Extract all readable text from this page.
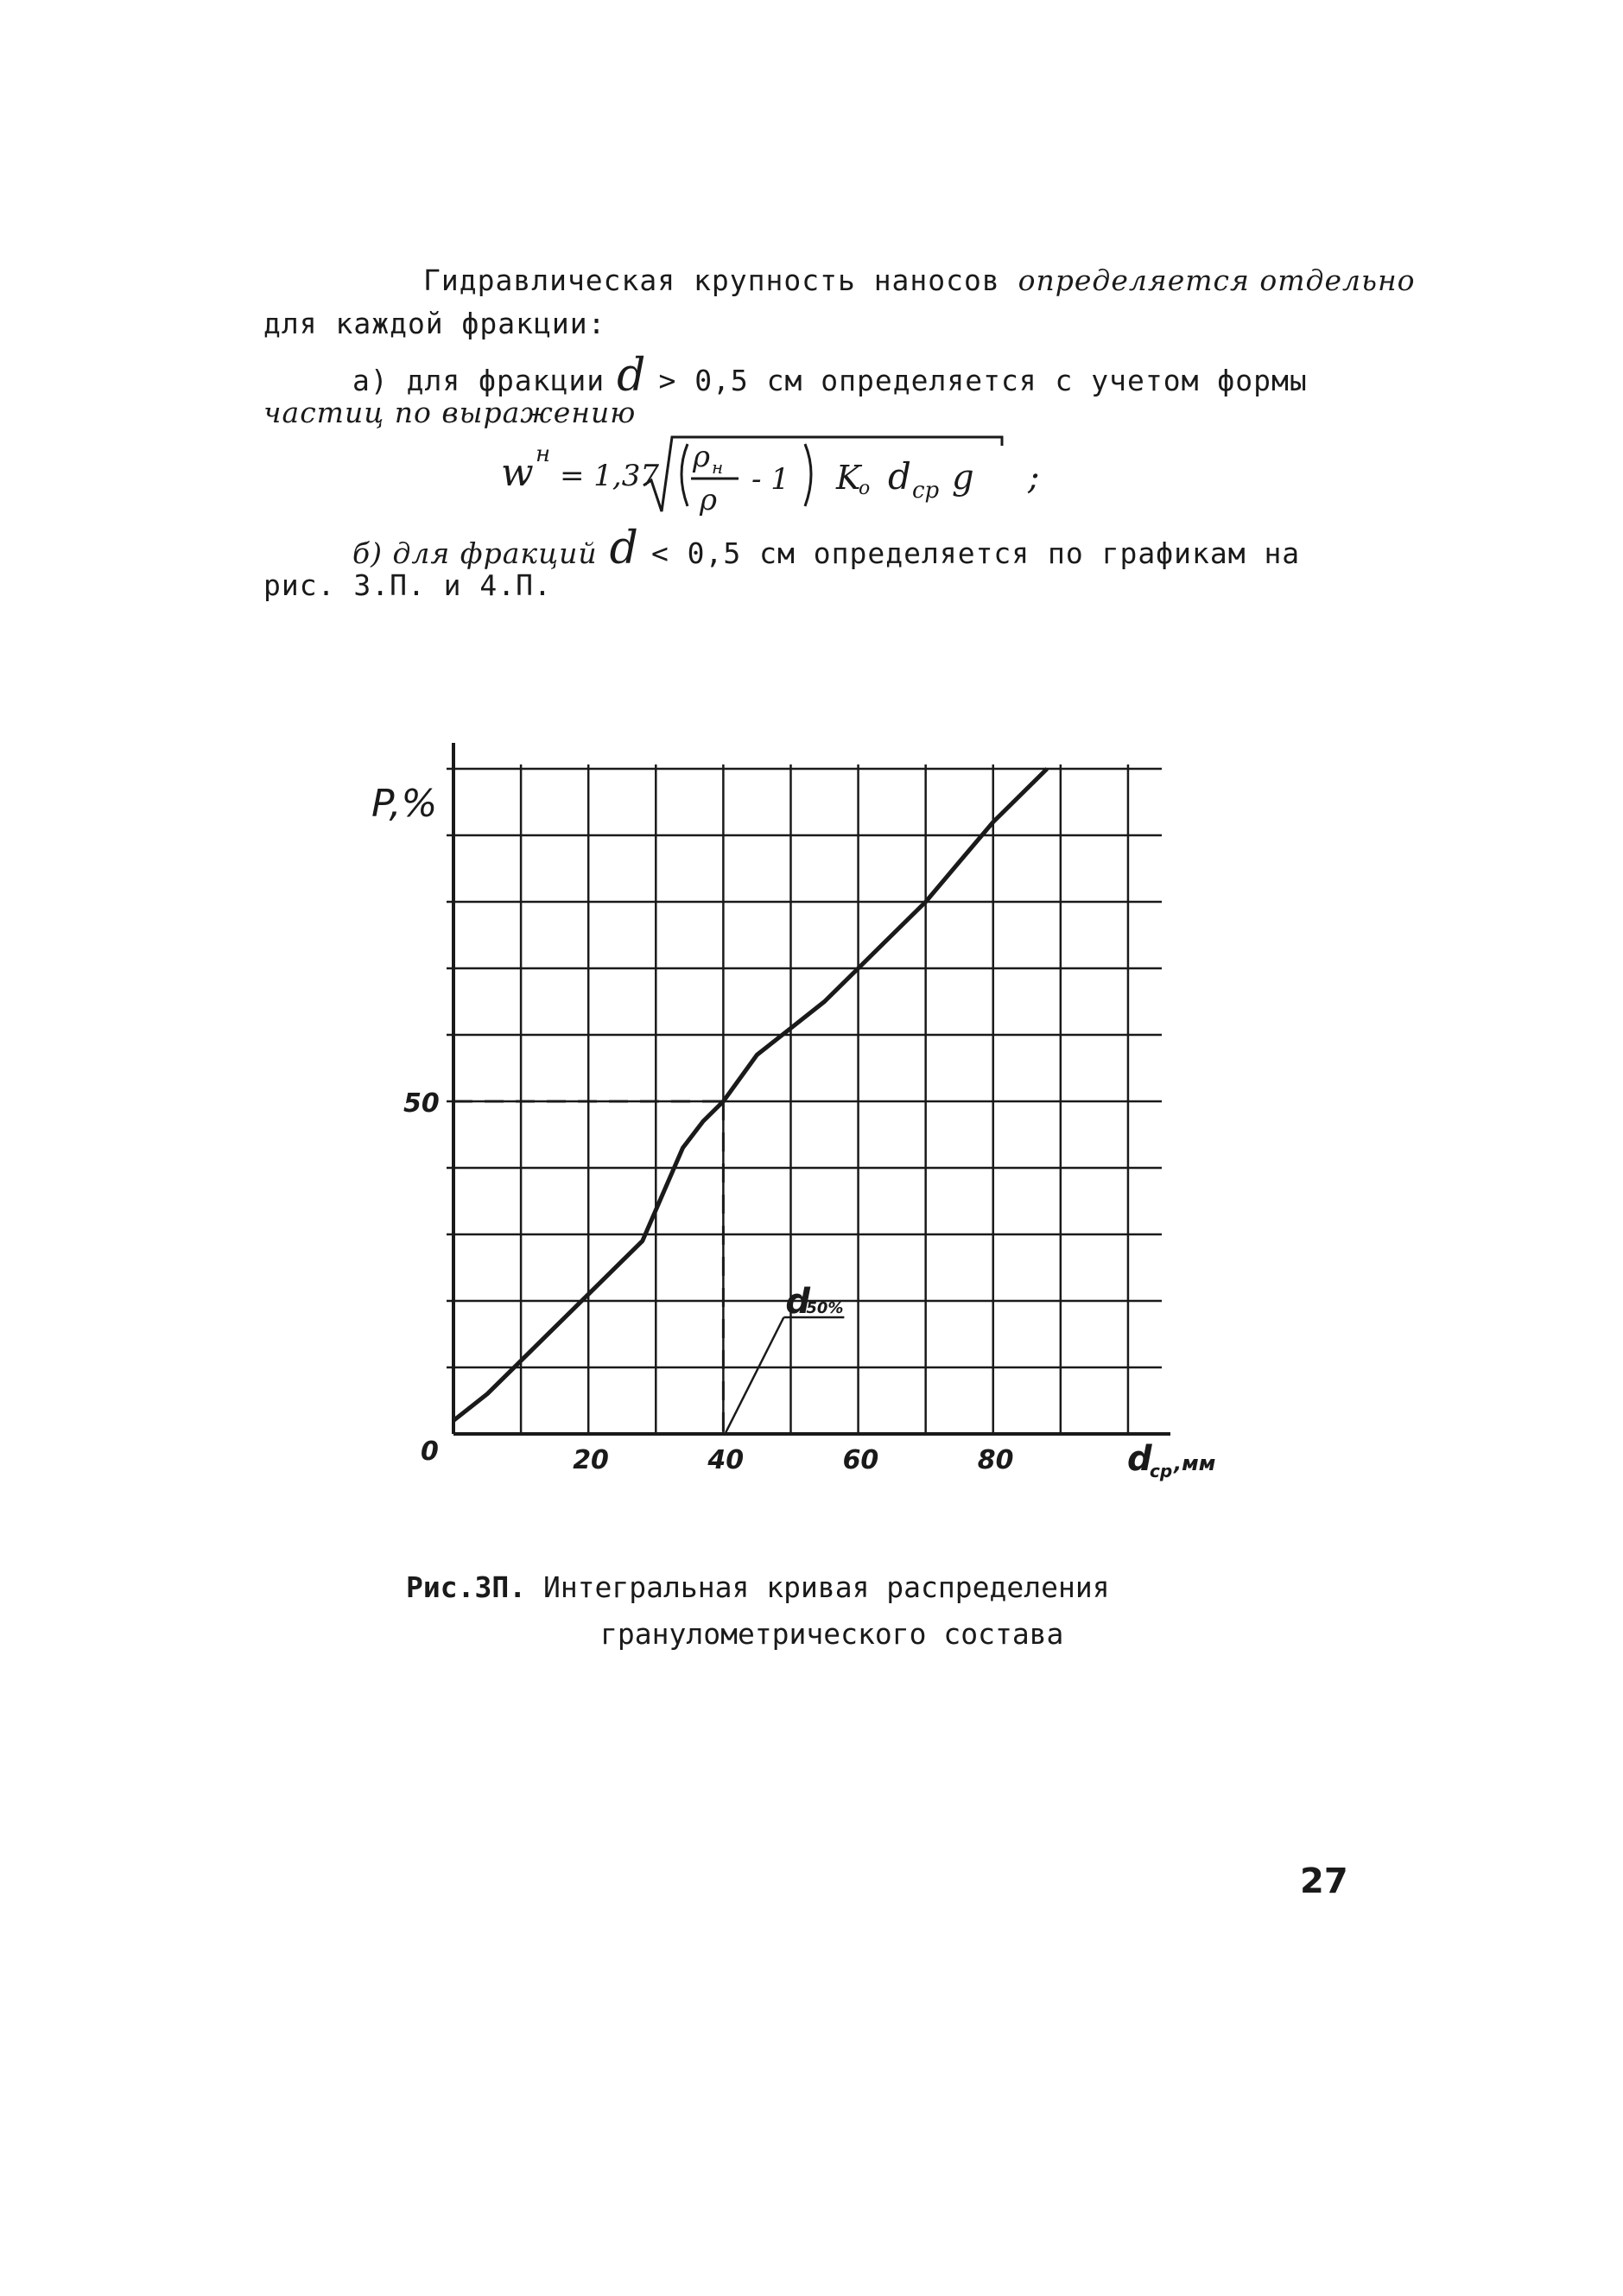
Гидравлическая крупность наносов определяется отдельно
для каждой фракции:
а) для фракции d > 0,5 см определяется с учетом формы
частиц по выражению
w н
= 1,37
ρ н
ρ
- 1 K
o d cp g ;
б) для фракций d < 0,5 см определяется по графикам на
рис. 3.П. и 4.П.
20	40	60	80
50
0
P,%
d
cp ,мм
d
50%
Рис.3П. Интегральная кривая распределения
гранулометрического состава
27
